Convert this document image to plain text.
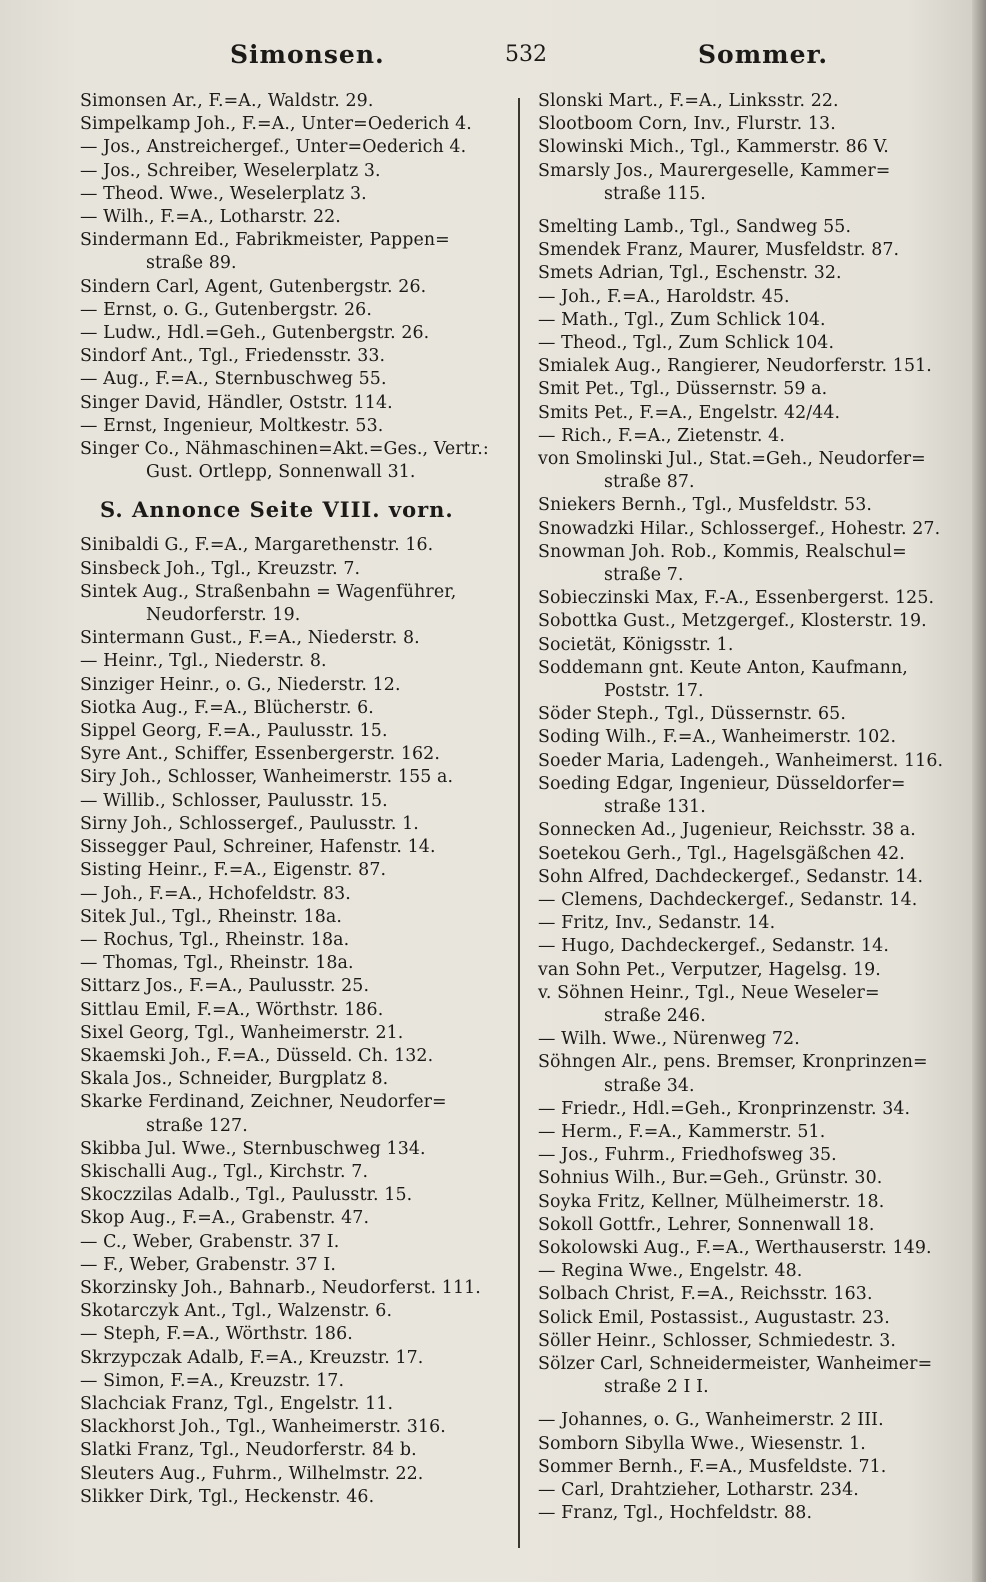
Simonsen.	532	Sommer.
Simonsen Ar., F.=A., Waldstr. 29.
Simpelkamp Joh., F.=A., Unter=Oederich 4.
— Jos., Anstreichergef., Unter=Oederich 4.
— Jos., Schreiber, Weselerplatz 3.
— Theod. Wwe., Weselerplatz 3.
— Wilh., F.=A., Lotharstr. 22.
Sindermann Ed., Fabrikmeister, Pappen=
straße 89.
Sindern Carl, Agent, Gutenbergstr. 26.
— Ernst, o. G., Gutenbergstr. 26.
— Ludw., Hdl.=Geh., Gutenbergstr. 26.
Sindorf Ant., Tgl., Friedensstr. 33.
— Aug., F.=A., Sternbuschweg 55.
Singer David, Händler, Oststr. 114.
— Ernst, Ingenieur, Moltkestr. 53.
Singer Co., Nähmaschinen=Akt.=Ges., Vertr.:
Gust. Ortlepp, Sonnenwall 31.
S. Annonce Seite VIII. vorn.
Sinibaldi G., F.=A., Margarethenstr. 16.
Sinsbeck Joh., Tgl., Kreuzstr. 7.
Sintek Aug., Straßenbahn = Wagenführer,
Neudorferstr. 19.
Sintermann Gust., F.=A., Niederstr. 8.
— Heinr., Tgl., Niederstr. 8.
Sinziger Heinr., o. G., Niederstr. 12.
Siotka Aug., F.=A., Blücherstr. 6.
Sippel Georg, F.=A., Paulusstr. 15.
Syre Ant., Schiffer, Essenbergerstr. 162.
Siry Joh., Schlosser, Wanheimerstr. 155 a.
— Willib., Schlosser, Paulusstr. 15.
Sirny Joh., Schlossergef., Paulusstr. 1.
Sissegger Paul, Schreiner, Hafenstr. 14.
Sisting Heinr., F.=A., Eigenstr. 87.
— Joh., F.=A., Hchofeldstr. 83.
Sitek Jul., Tgl., Rheinstr. 18a.
— Rochus, Tgl., Rheinstr. 18a.
— Thomas, Tgl., Rheinstr. 18a.
Sittarz Jos., F.=A., Paulusstr. 25.
Sittlau Emil, F.=A., Wörthstr. 186.
Sixel Georg, Tgl., Wanheimerstr. 21.
Skaemski Joh., F.=A., Düsseld. Ch. 132.
Skala Jos., Schneider, Burgplatz 8.
Skarke Ferdinand, Zeichner, Neudorfer=
straße 127.
Skibba Jul. Wwe., Sternbuschweg 134.
Skischalli Aug., Tgl., Kirchstr. 7.
Skoczzilas Adalb., Tgl., Paulusstr. 15.
Skop Aug., F.=A., Grabenstr. 47.
— C., Weber, Grabenstr. 37 I.
— F., Weber, Grabenstr. 37 I.
Skorzinsky Joh., Bahnarb., Neudorferst. 111.
Skotarczyk Ant., Tgl., Walzenstr. 6.
— Steph, F.=A., Wörthstr. 186.
Skrzypczak Adalb, F.=A., Kreuzstr. 17.
— Simon, F.=A., Kreuzstr. 17.
Slachciak Franz, Tgl., Engelstr. 11.
Slackhorst Joh., Tgl., Wanheimerstr. 316.
Slatki Franz, Tgl., Neudorferstr. 84 b.
Sleuters Aug., Fuhrm., Wilhelmstr. 22.
Slikker Dirk, Tgl., Heckenstr. 46.
Slonski Mart., F.=A., Linksstr. 22.
Slootboom Corn, Inv., Flurstr. 13.
Slowinski Mich., Tgl., Kammerstr. 86 V.
Smarsly Jos., Maurergeselle, Kammer=
straße 115.
Smelting Lamb., Tgl., Sandweg 55.
Smendek Franz, Maurer, Musfeldstr. 87.
Smets Adrian, Tgl., Eschenstr. 32.
— Joh., F.=A., Haroldstr. 45.
— Math., Tgl., Zum Schlick 104.
— Theod., Tgl., Zum Schlick 104.
Smialek Aug., Rangierer, Neudorferstr. 151.
Smit Pet., Tgl., Düssernstr. 59 a.
Smits Pet., F.=A., Engelstr. 42/44.
— Rich., F.=A., Zietenstr. 4.
von Smolinski Jul., Stat.=Geh., Neudorfer=
straße 87.
Sniekers Bernh., Tgl., Musfeldstr. 53.
Snowadzki Hilar., Schlossergef., Hohestr. 27.
Snowman Joh. Rob., Kommis, Realschul=
straße 7.
Sobieczinski Max, F.-A., Essenbergerst. 125.
Sobottka Gust., Metzgergef., Klosterstr. 19.
Societät, Königsstr. 1.
Soddemann gnt. Keute Anton, Kaufmann,
Poststr. 17.
Söder Steph., Tgl., Düssernstr. 65.
Soding Wilh., F.=A., Wanheimerstr. 102.
Soeder Maria, Ladengeh., Wanheimerst. 116.
Soeding Edgar, Ingenieur, Düsseldorfer=
straße 131.
Sonnecken Ad., Jugenieur, Reichsstr. 38 a.
Soetekou Gerh., Tgl., Hagelsgäßchen 42.
Sohn Alfred, Dachdeckergef., Sedanstr. 14.
— Clemens, Dachdeckergef., Sedanstr. 14.
— Fritz, Inv., Sedanstr. 14.
— Hugo, Dachdeckergef., Sedanstr. 14.
van Sohn Pet., Verputzer, Hagelsg. 19.
v. Söhnen Heinr., Tgl., Neue Weseler=
straße 246.
— Wilh. Wwe., Nürenweg 72.
Söhngen Alr., pens. Bremser, Kronprinzen=
straße 34.
— Friedr., Hdl.=Geh., Kronprinzenstr. 34.
— Herm., F.=A., Kammerstr. 51.
— Jos., Fuhrm., Friedhofsweg 35.
Sohnius Wilh., Bur.=Geh., Grünstr. 30.
Soyka Fritz, Kellner, Mülheimerstr. 18.
Sokoll Gottfr., Lehrer, Sonnenwall 18.
Sokolowski Aug., F.=A., Werthauserstr. 149.
— Regina Wwe., Engelstr. 48.
Solbach Christ, F.=A., Reichsstr. 163.
Solick Emil, Postassist., Augustastr. 23.
Söller Heinr., Schlosser, Schmiedestr. 3.
Sölzer Carl, Schneidermeister, Wanheimer=
straße 2 I I.
— Johannes, o. G., Wanheimerstr. 2 III.
Somborn Sibylla Wwe., Wiesenstr. 1.
Sommer Bernh., F.=A., Musfeldste. 71.
— Carl, Drahtzieher, Lotharstr. 234.
— Franz, Tgl., Hochfeldstr. 88.
